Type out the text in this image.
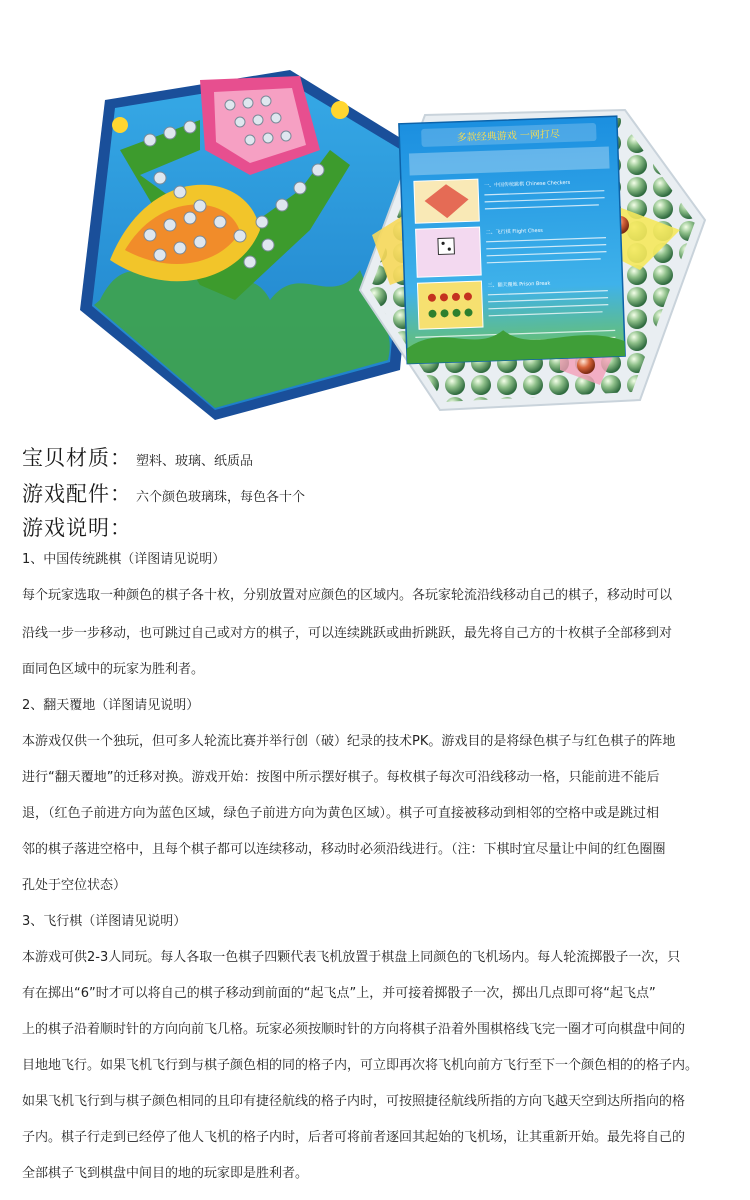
多款经典游戏 一网打尽
一、中国传统跳棋 Chinese Checkers
二、飞行棋 Flight Chess
三、翻天覆地 Prison Break
宝贝材质： 塑料、玻璃、纸质品
游戏配件： 六个颜色玻璃珠，每色各十个
游戏说明：
1、中国传统跳棋（详图请见说明）
每个玩家选取一种颜色的棋子各十枚，分别放置对应颜色的区域内。各玩家轮流沿线移动自己的棋子，移动时可以
沿线一步一步移动，也可跳过自己或对方的棋子，可以连续跳跃或曲折跳跃，最先将自己方的十枚棋子全部移到对
面同色区域中的玩家为胜利者。
2、翻天覆地（详图请见说明）
本游戏仅供一个独玩，但可多人轮流比赛并举行创（破）纪录的技术PK。游戏目的是将绿色棋子与红色棋子的阵地
进行“翻天覆地”的迁移对换。游戏开始：按图中所示摆好棋子。每枚棋子每次可沿线移动一格，只能前进不能后
退，（红色子前进方向为蓝色区域，绿色子前进方向为黄色区域）。棋子可直接被移动到相邻的空格中或是跳过相
邻的棋子落进空格中，且每个棋子都可以连续移动，移动时必须沿线进行。（注：下棋时宜尽量让中间的红色圈圈
孔处于空位状态）
3、飞行棋（详图请见说明）
本游戏可供2-3人同玩。每人各取一色棋子四颗代表飞机放置于棋盘上同颜色的飞机场内。每人轮流掷骰子一次，只
有在掷出“6”时才可以将自己的棋子移动到前面的“起飞点”上，并可接着掷骰子一次，掷出几点即可将“起飞点”
上的棋子沿着顺时针的方向向前飞几格。玩家必须按顺时针的方向将棋子沿着外围棋格线飞完一圈才可向棋盘中间的
目地地飞行。如果飞机飞行到与棋子颜色相的同的格子内，可立即再次将飞机向前方飞行至下一个颜色相的的格子内。
如果飞机飞行到与棋子颜色相同的且印有捷径航线的格子内时，可按照捷径航线所指的方向飞越天空到达所指向的格
子内。棋子行走到已经停了他人飞机的格子内时，后者可将前者逐回其起始的飞机场，让其重新开始。最先将自己的
全部棋子飞到棋盘中间目的地的玩家即是胜利者。
